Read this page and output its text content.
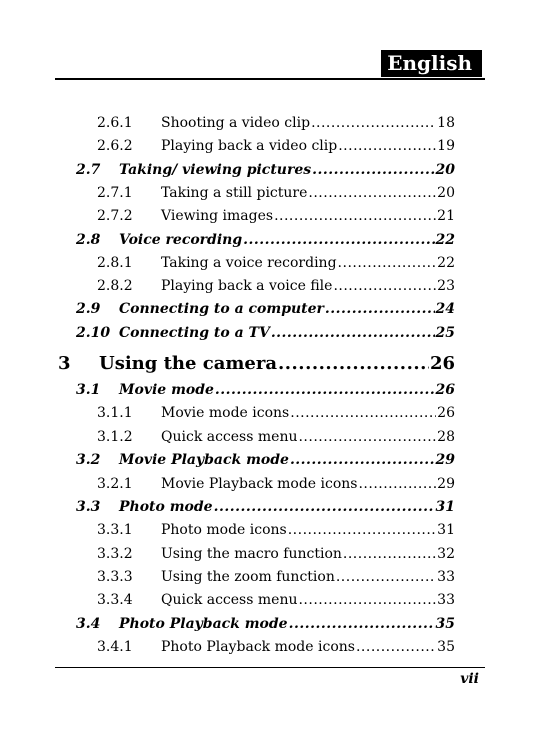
English
2.6.1	Shooting a video clip .....	18
2.6.2	Playing back a video clip .....	19
2.7	Taking/ viewing pictures .....	20
2.7.1	Taking a still picture .....	20
2.7.2	Viewing images .....	21
2.8	Voice recording .....	22
2.8.1	Taking a voice recording .....	22
2.8.2	Playing back a voice file .....	23
2.9	Connecting to a computer .....	24
2.10 Connecting to a TV .....	25
3	Using the camera .....	26
3.1	Movie mode .....	26
3.1.1	Movie mode icons .....	26
3.1.2	Quick access menu .....	28
3.2	Movie Playback mode .....	29
3.2.1	Movie Playback mode icons .....	29
3.3	Photo mode .....	31
3.3.1	Photo mode icons .....	31
3.3.2	Using the macro function .....	32
3.3.3	Using the zoom function .....	33
3.3.4	Quick access menu .....	33
3.4	Photo Playback mode .....	35
3.4.1	Photo Playback mode icons .....	35
vii
